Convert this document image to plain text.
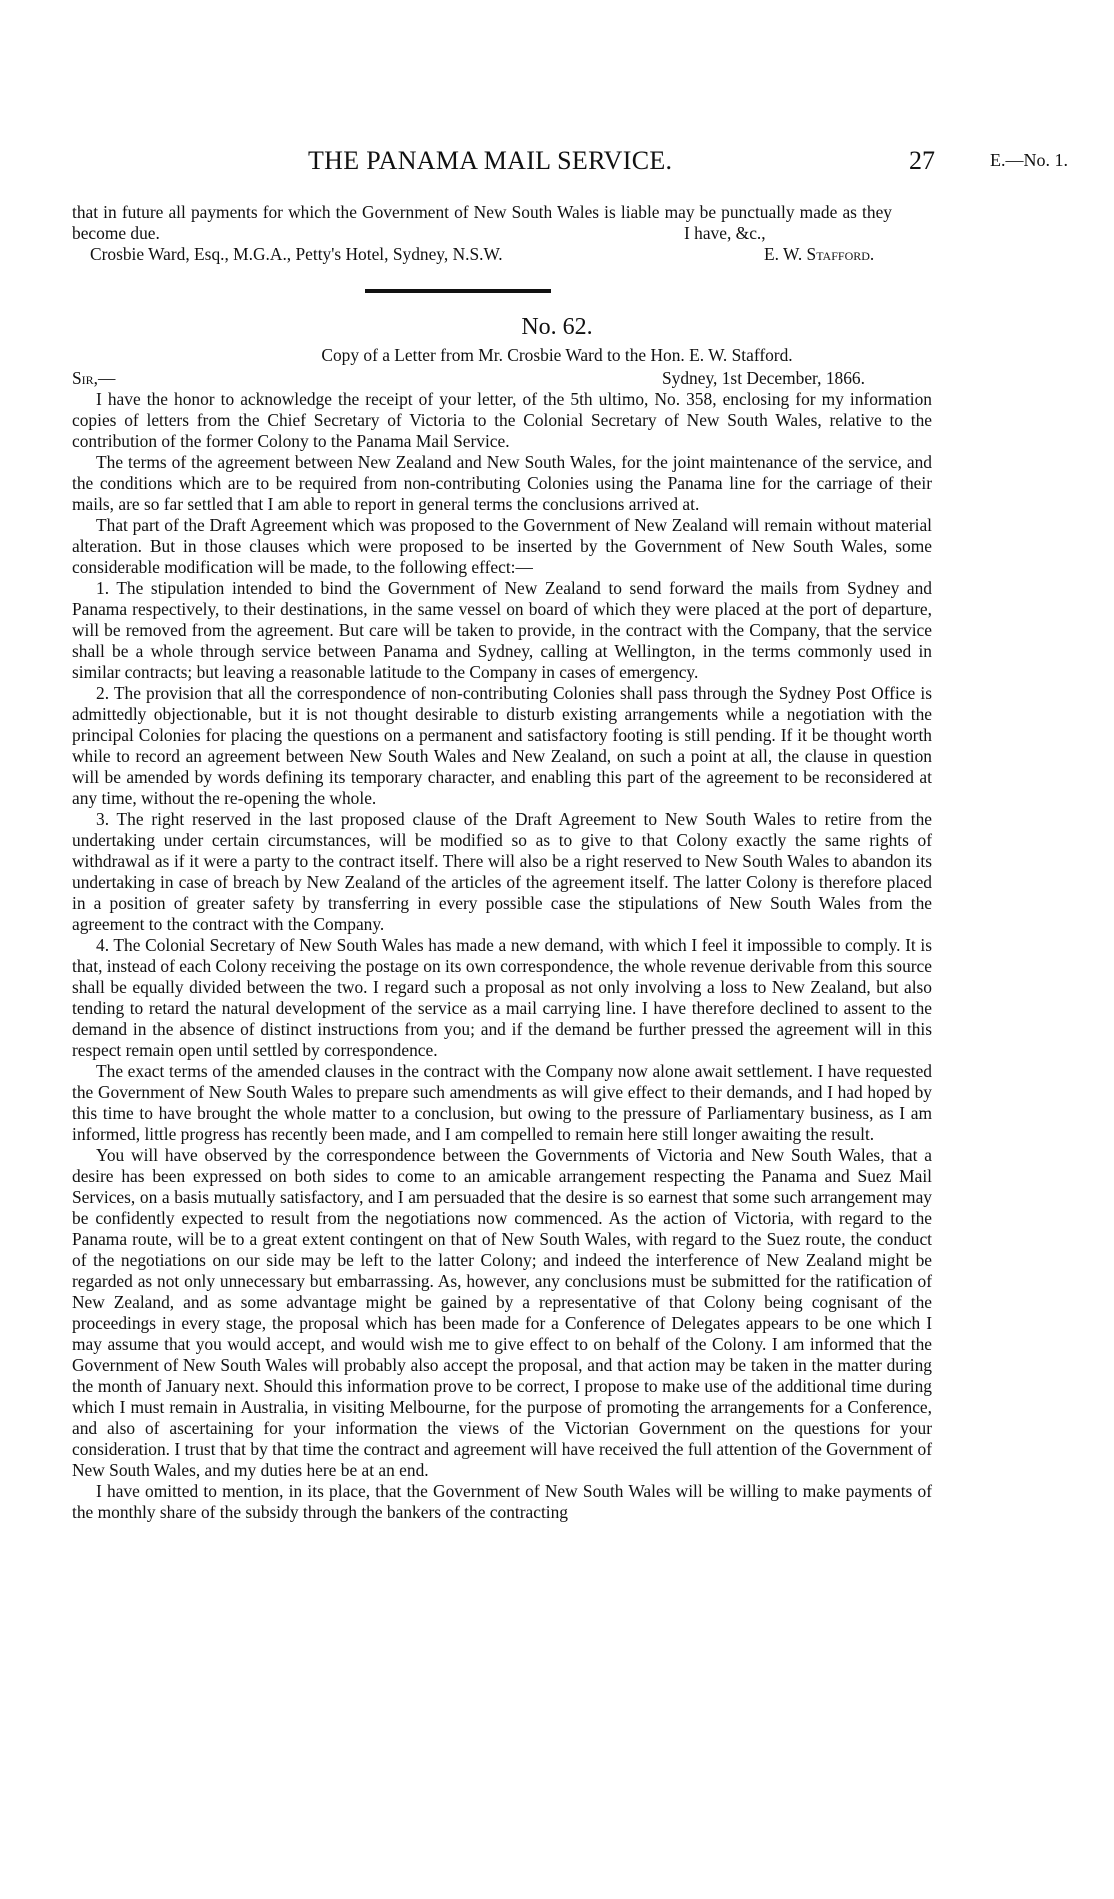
THE PANAMA MAIL SERVICE.	27	E.—No. 1.
that in future all payments for which the Government of New South Wales is liable may be punctually made as they become due.	I have, &c.,
Crosbie Ward, Esq., M.G.A., Petty's Hotel, Sydney, N.S.W.	E. W. Stafford.
No. 62.
Copy of a Letter from Mr. Crosbie Ward to the Hon. E. W. Stafford.
Sir,—	Sydney, 1st December, 1866.

I have the honor to acknowledge the receipt of your letter, of the 5th ultimo, No. 358, enclosing for my information copies of letters from the Chief Secretary of Victoria to the Colonial Secretary of New South Wales, relative to the contribution of the former Colony to the Panama Mail Service.

The terms of the agreement between New Zealand and New South Wales, for the joint maintenance of the service, and the conditions which are to be required from non-contributing Colonies using the Panama line for the carriage of their mails, are so far settled that I am able to report in general terms the conclusions arrived at.

That part of the Draft Agreement which was proposed to the Government of New Zealand will remain without material alteration. But in those clauses which were proposed to be inserted by the Government of New South Wales, some considerable modification will be made, to the following effect:—

1. The stipulation intended to bind the Government of New Zealand to send forward the mails from Sydney and Panama respectively, to their destinations, in the same vessel on board of which they were placed at the port of departure, will be removed from the agreement. But care will be taken to provide, in the contract with the Company, that the service shall be a whole through service between Panama and Sydney, calling at Wellington, in the terms commonly used in similar contracts; but leaving a reasonable latitude to the Company in cases of emergency.

2. The provision that all the correspondence of non-contributing Colonies shall pass through the Sydney Post Office is admittedly objectionable, but it is not thought desirable to disturb existing arrangements while a negotiation with the principal Colonies for placing the questions on a permanent and satisfactory footing is still pending. If it be thought worth while to record an agreement between New South Wales and New Zealand, on such a point at all, the clause in question will be amended by words defining its temporary character, and enabling this part of the agreement to be reconsidered at any time, without the re-opening the whole.

3. The right reserved in the last proposed clause of the Draft Agreement to New South Wales to retire from the undertaking under certain circumstances, will be modified so as to give to that Colony exactly the same rights of withdrawal as if it were a party to the contract itself. There will also be a right reserved to New South Wales to abandon its undertaking in case of breach by New Zealand of the articles of the agreement itself. The latter Colony is therefore placed in a position of greater safety by transferring in every possible case the stipulations of New South Wales from the agreement to the contract with the Company.

4. The Colonial Secretary of New South Wales has made a new demand, with which I feel it impossible to comply. It is that, instead of each Colony receiving the postage on its own correspondence, the whole revenue derivable from this source shall be equally divided between the two. I regard such a proposal as not only involving a loss to New Zealand, but also tending to retard the natural development of the service as a mail carrying line. I have therefore declined to assent to the demand in the absence of distinct instructions from you; and if the demand be further pressed the agreement will in this respect remain open until settled by correspondence.

The exact terms of the amended clauses in the contract with the Company now alone await settlement. I have requested the Government of New South Wales to prepare such amendments as will give effect to their demands, and I had hoped by this time to have brought the whole matter to a conclusion, but owing to the pressure of Parliamentary business, as I am informed, little progress has recently been made, and I am compelled to remain here still longer awaiting the result.

You will have observed by the correspondence between the Governments of Victoria and New South Wales, that a desire has been expressed on both sides to come to an amicable arrangement respecting the Panama and Suez Mail Services, on a basis mutually satisfactory, and I am persuaded that the desire is so earnest that some such arrangement may be confidently expected to result from the negotiations now commenced. As the action of Victoria, with regard to the Panama route, will be to a great extent contingent on that of New South Wales, with regard to the Suez route, the conduct of the negotiations on our side may be left to the latter Colony; and indeed the interference of New Zealand might be regarded as not only unnecessary but embarrassing. As, however, any conclusions must be submitted for the ratification of New Zealand, and as some advantage might be gained by a representative of that Colony being cognisant of the proceedings in every stage, the proposal which has been made for a Conference of Delegates appears to be one which I may assume that you would accept, and would wish me to give effect to on behalf of the Colony. I am informed that the Government of New South Wales will probably also accept the proposal, and that action may be taken in the matter during the month of January next. Should this information prove to be correct, I propose to make use of the additional time during which I must remain in Australia, in visiting Melbourne, for the purpose of promoting the arrangements for a Conference, and also of ascertaining for your information the views of the Victorian Government on the questions for your consideration. I trust that by that time the contract and agreement will have received the full attention of the Government of New South Wales, and my duties here be at an end.

I have omitted to mention, in its place, that the Government of New South Wales will be willing to make payments of the monthly share of the subsidy through the bankers of the contracting
